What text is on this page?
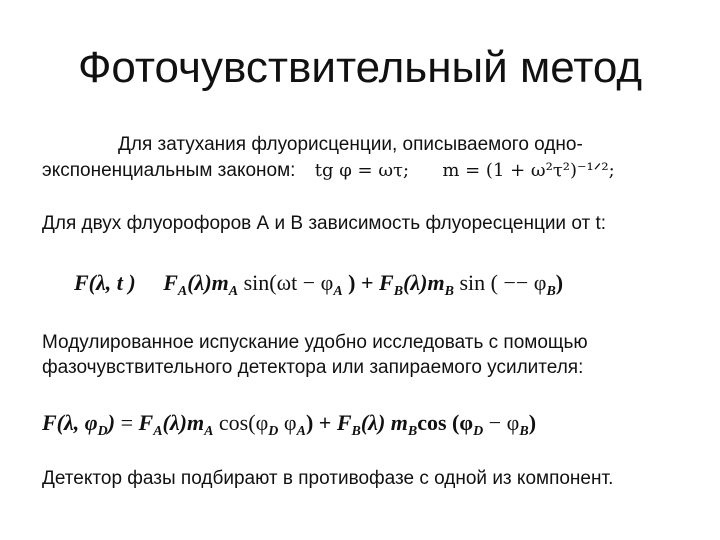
Фоточувствительный метод
Для затухания флуорисценции, описываемого одно-
экспоненциальным законом: tg φ = ωτ; m = (1 + ω²τ²)⁻¹ᐟ²;
Для двух флуорофоров А и В зависимость флуоресценции от t:
F(λ, t ) $F_A(\lambda)m_A$ $\sin(\omega t - \varphi_A$ ) + $F_B(\lambda)m_B$ sin ( −− $\varphi_B$)
Модулированное испускание удобно исследовать с помощью
фазочувствительного детектора или запираемого усилителя:
F(λ, $\varphi_D) = F_A(\lambda)m_A$ $\cos(\varphi_D$ $\varphi_A) + F_B(\lambda)$ $m_B\cos$ $(\varphi_D - \varphi_B)$
Детектор фазы подбирают в противофазе с одной из компонент.
